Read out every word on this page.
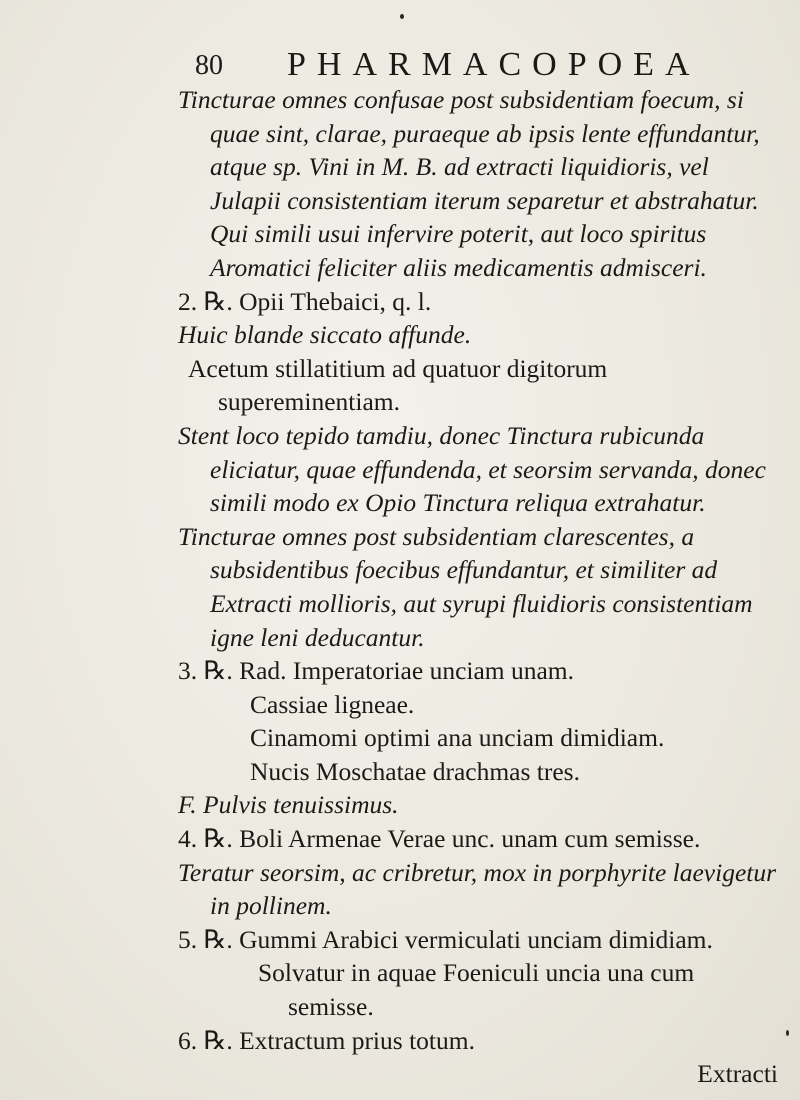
80 PHARMACOPOEA

Tincturae omnes confusae post subsidentiam foecum, si quae sint, clarae, puraeque ab ipsis lente effundantur, atque sp. Vini in M. B. ad extracti liquidioris, vel Julapii consistentiam iterum separetur et abstrahatur. Qui simili usui infervire poterit, aut loco spiritus Aromatici feliciter aliis medicamentis admisceri.

2. ℞. Opii Thebaici, q. l.

Huic blande siccato affunde.

Acetum stillatitium ad quatuor digitorum supereminentiam.

Stent loco tepido tamdiu, donec Tinctura rubicunda eliciatur, quae effundenda, et seorsim servanda, donec simili modo ex Opio Tinctura reliqua extrahatur.

Tincturae omnes post subsidentiam clarescentes, a subsidentibus foecibus effundantur, et similiter ad Extracti mollioris, aut syrupi fluidioris consistentiam igne leni deducantur.

3. ℞. Rad. Imperatoriae unciam unam.

Cassiae ligneae.

Cinamomi optimi ana unciam dimidiam.

Nucis Moschatae drachmas tres.

F. Pulvis tenuissimus.

4. ℞. Boli Armenae Verae unc. unam cum semisse.

Teratur seorsim, ac cribretur, mox in porphyrite laevigetur in pollinem.

5. ℞. Gummi Arabici vermiculati unciam dimidiam.

Solvatur in aquae Foeniculi uncia una cum semisse.

6. ℞. Extractum prius totum.

Extracti
